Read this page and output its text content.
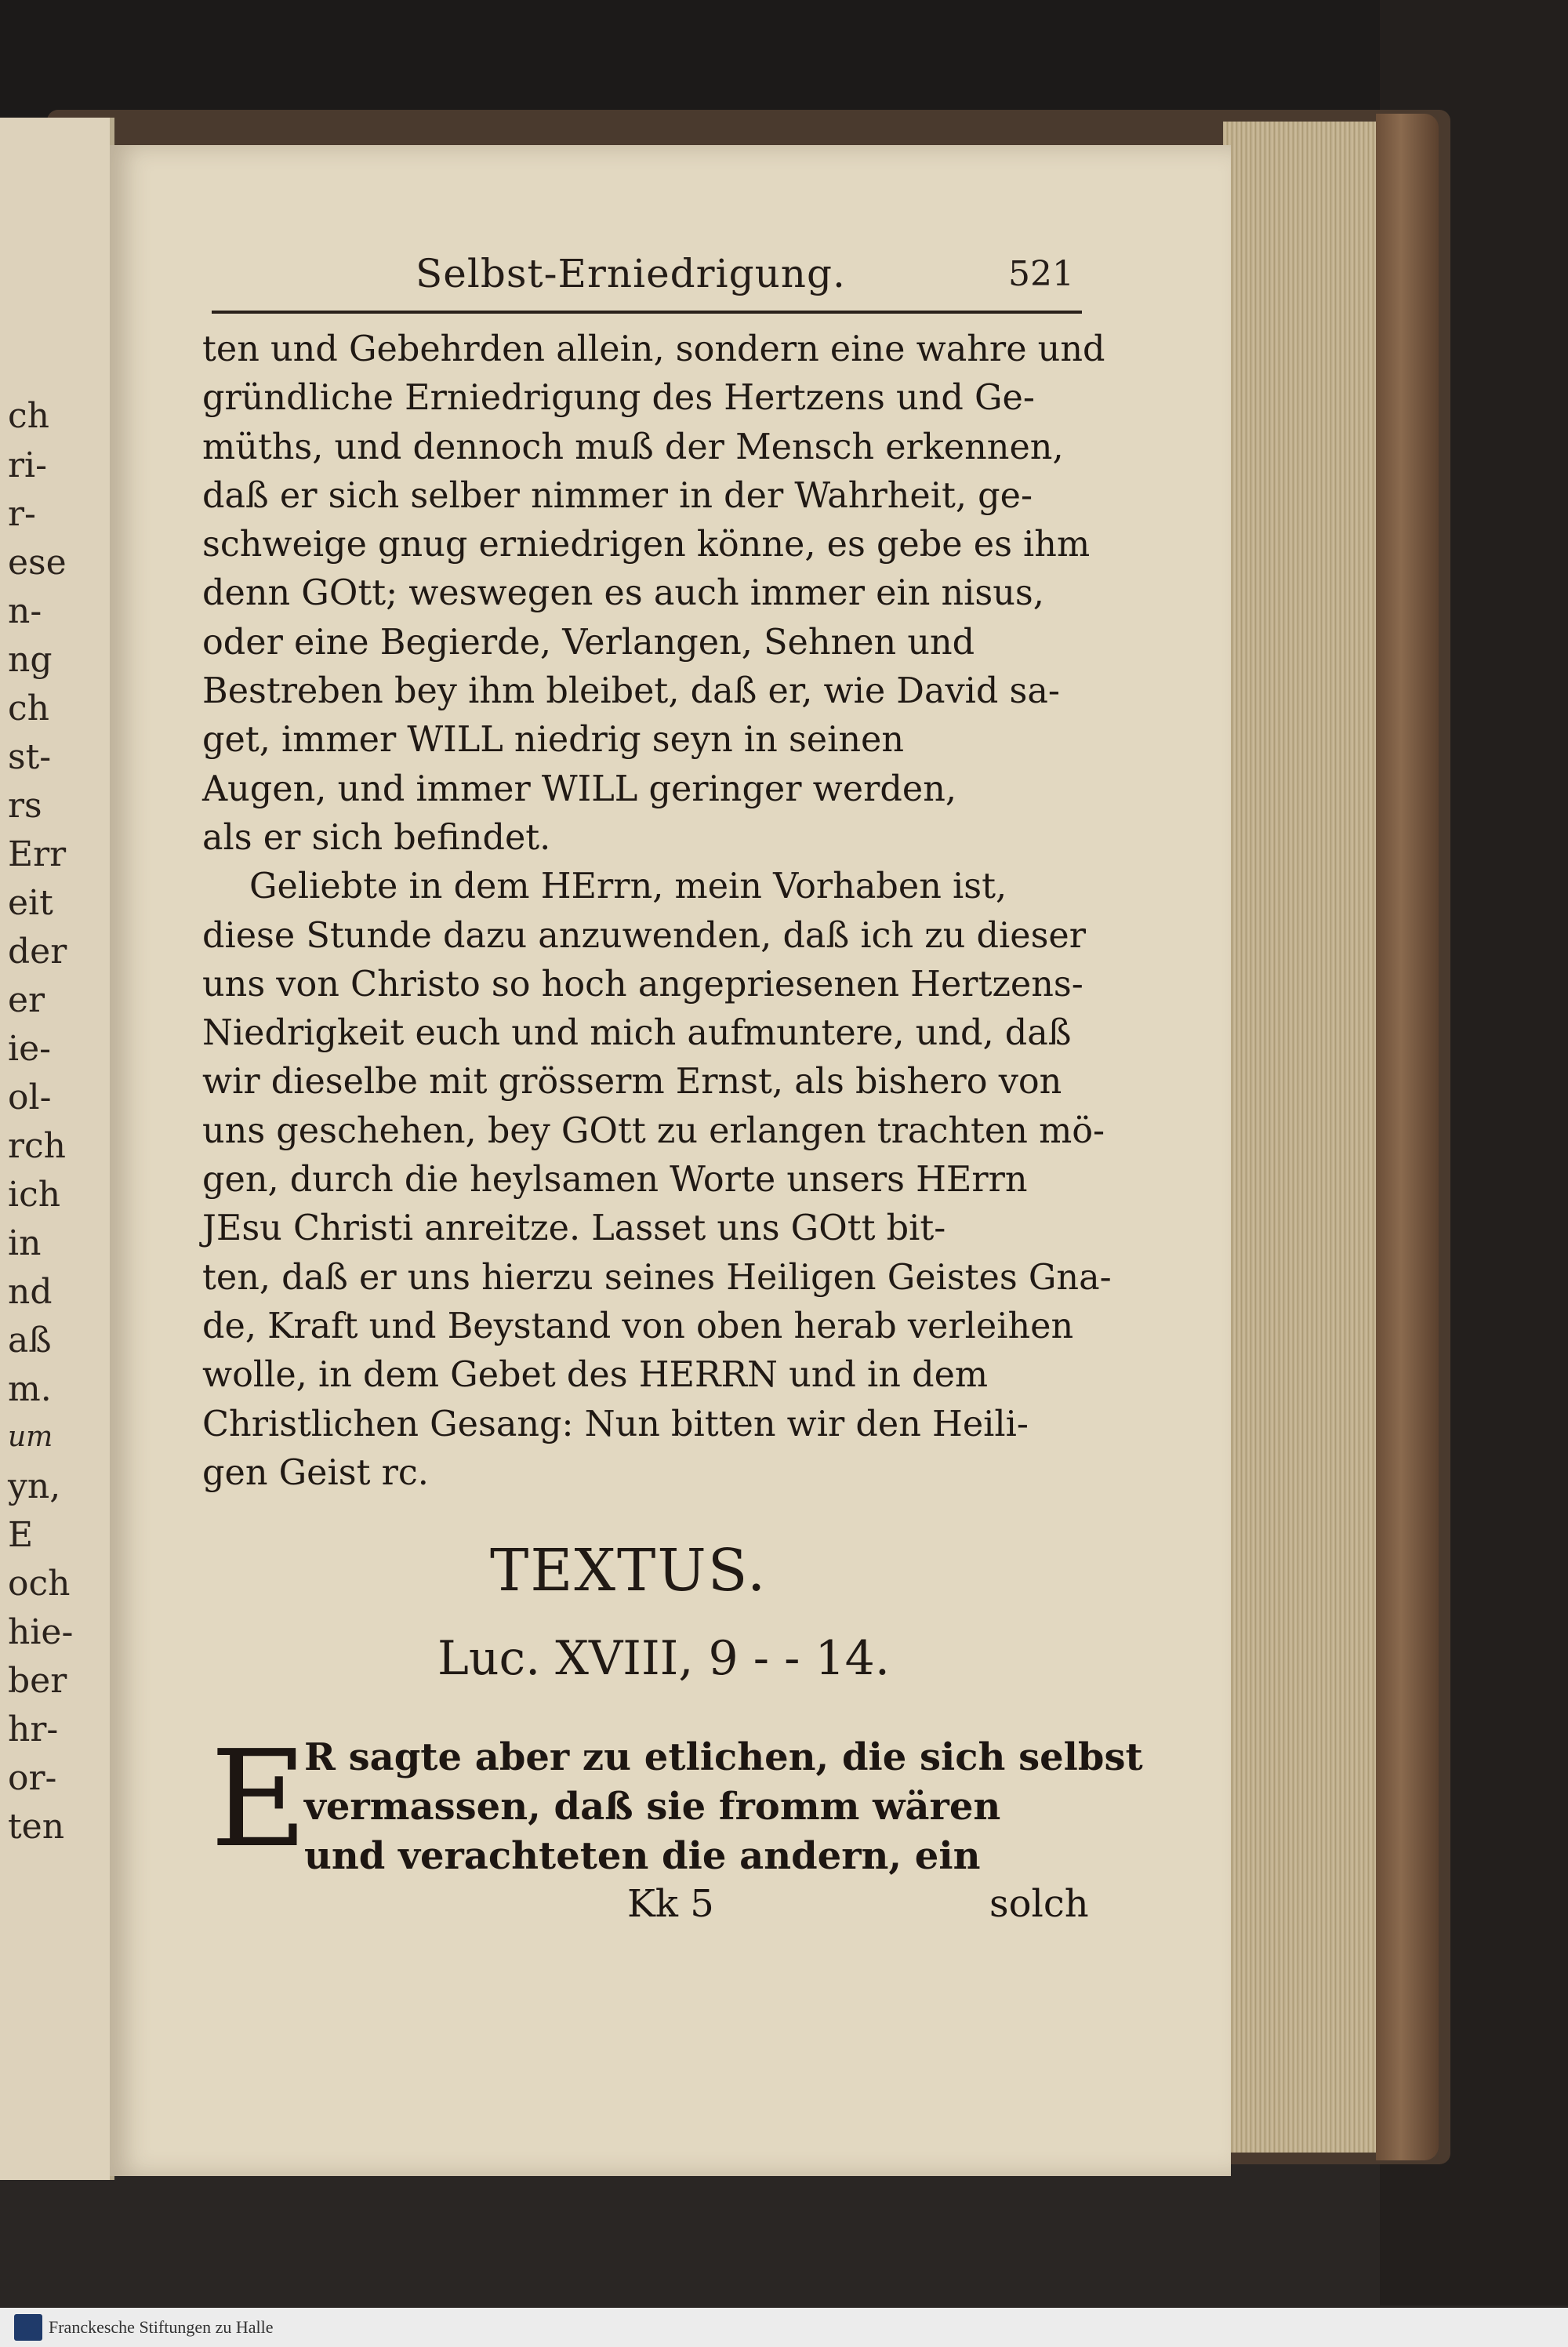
ch
ri-
r-
ese
n-
ng
ch
st-
rs
Err
eit
der
er
ie-
ol-
rch
ich
in
nd
aß
m.
um
yn,
E
och
hie-
ber
hr-
or-
ten
Selbst-Erniedrigung.	521
ten und Gebehrden allein, sondern eine wahre und
gründliche Erniedrigung des Hertzens und Ge-
müths, und dennoch muß der Mensch erkennen,
daß er sich selber nimmer in der Wahrheit, ge-
schweige gnug erniedrigen könne, es gebe es ihm
denn GOtt; weswegen es auch immer ein nisus,
oder eine Begierde, Verlangen, Sehnen und
Bestreben bey ihm bleibet, daß er, wie David sa-
get, immer WILL niedrig seyn in seinen
Augen, und immer WILL geringer werden,
als er sich befindet.
Geliebte in dem HErrn, mein Vorhaben ist,
diese Stunde dazu anzuwenden, daß ich zu dieser
uns von Christo so hoch angepriesenen Hertzens-
Niedrigkeit euch und mich aufmuntere, und, daß
wir dieselbe mit grösserm Ernst, als bishero von
uns geschehen, bey GOtt zu erlangen trachten mö-
gen, durch die heylsamen Worte unsers HErrn
JEsu Christi anreitze. Lasset uns GOtt bit-
ten, daß er uns hierzu seines Heiligen Geistes Gna-
de, Kraft und Beystand von oben herab verleihen
wolle, in dem Gebet des HERRN und in dem
Christlichen Gesang: Nun bitten wir den Heili-
gen Geist rc.
TEXTUS.
Luc. XVIII, 9 - - 14.
E
R sagte aber zu etlichen, die sich selbst
vermassen, daß sie fromm wären
und verachteten die andern, ein
Kk 5	solch
Franckesche Stiftungen zu Halle
